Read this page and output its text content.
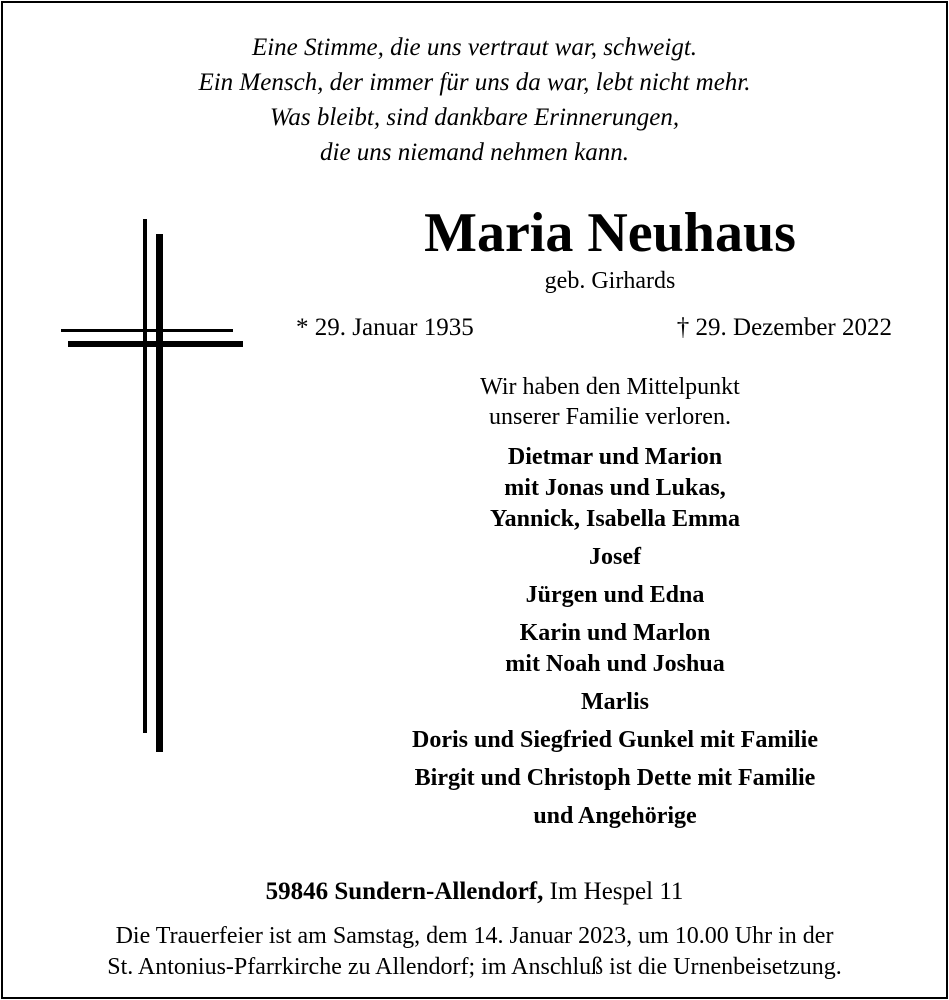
Eine Stimme, die uns vertraut war, schweigt.
Ein Mensch, der immer für uns da war, lebt nicht mehr.
Was bleibt, sind dankbare Erinnerungen,
die uns niemand nehmen kann.
Maria Neuhaus
geb. Girhards
* 29. Januar 1935	† 29. Dezember 2022
Wir haben den Mittelpunkt
unserer Familie verloren.
Dietmar und Marion
mit Jonas und Lukas,
Yannick, Isabella Emma
Josef
Jürgen und Edna
Karin und Marlon
mit Noah und Joshua
Marlis
Doris und Siegfried Gunkel mit Familie
Birgit und Christoph Dette mit Familie
und Angehörige
59846 Sundern-Allendorf, Im Hespel 11
Die Trauerfeier ist am Samstag, dem 14. Januar 2023, um 10.00 Uhr in der
St. Antonius-Pfarrkirche zu Allendorf; im Anschluß ist die Urnenbeisetzung.
